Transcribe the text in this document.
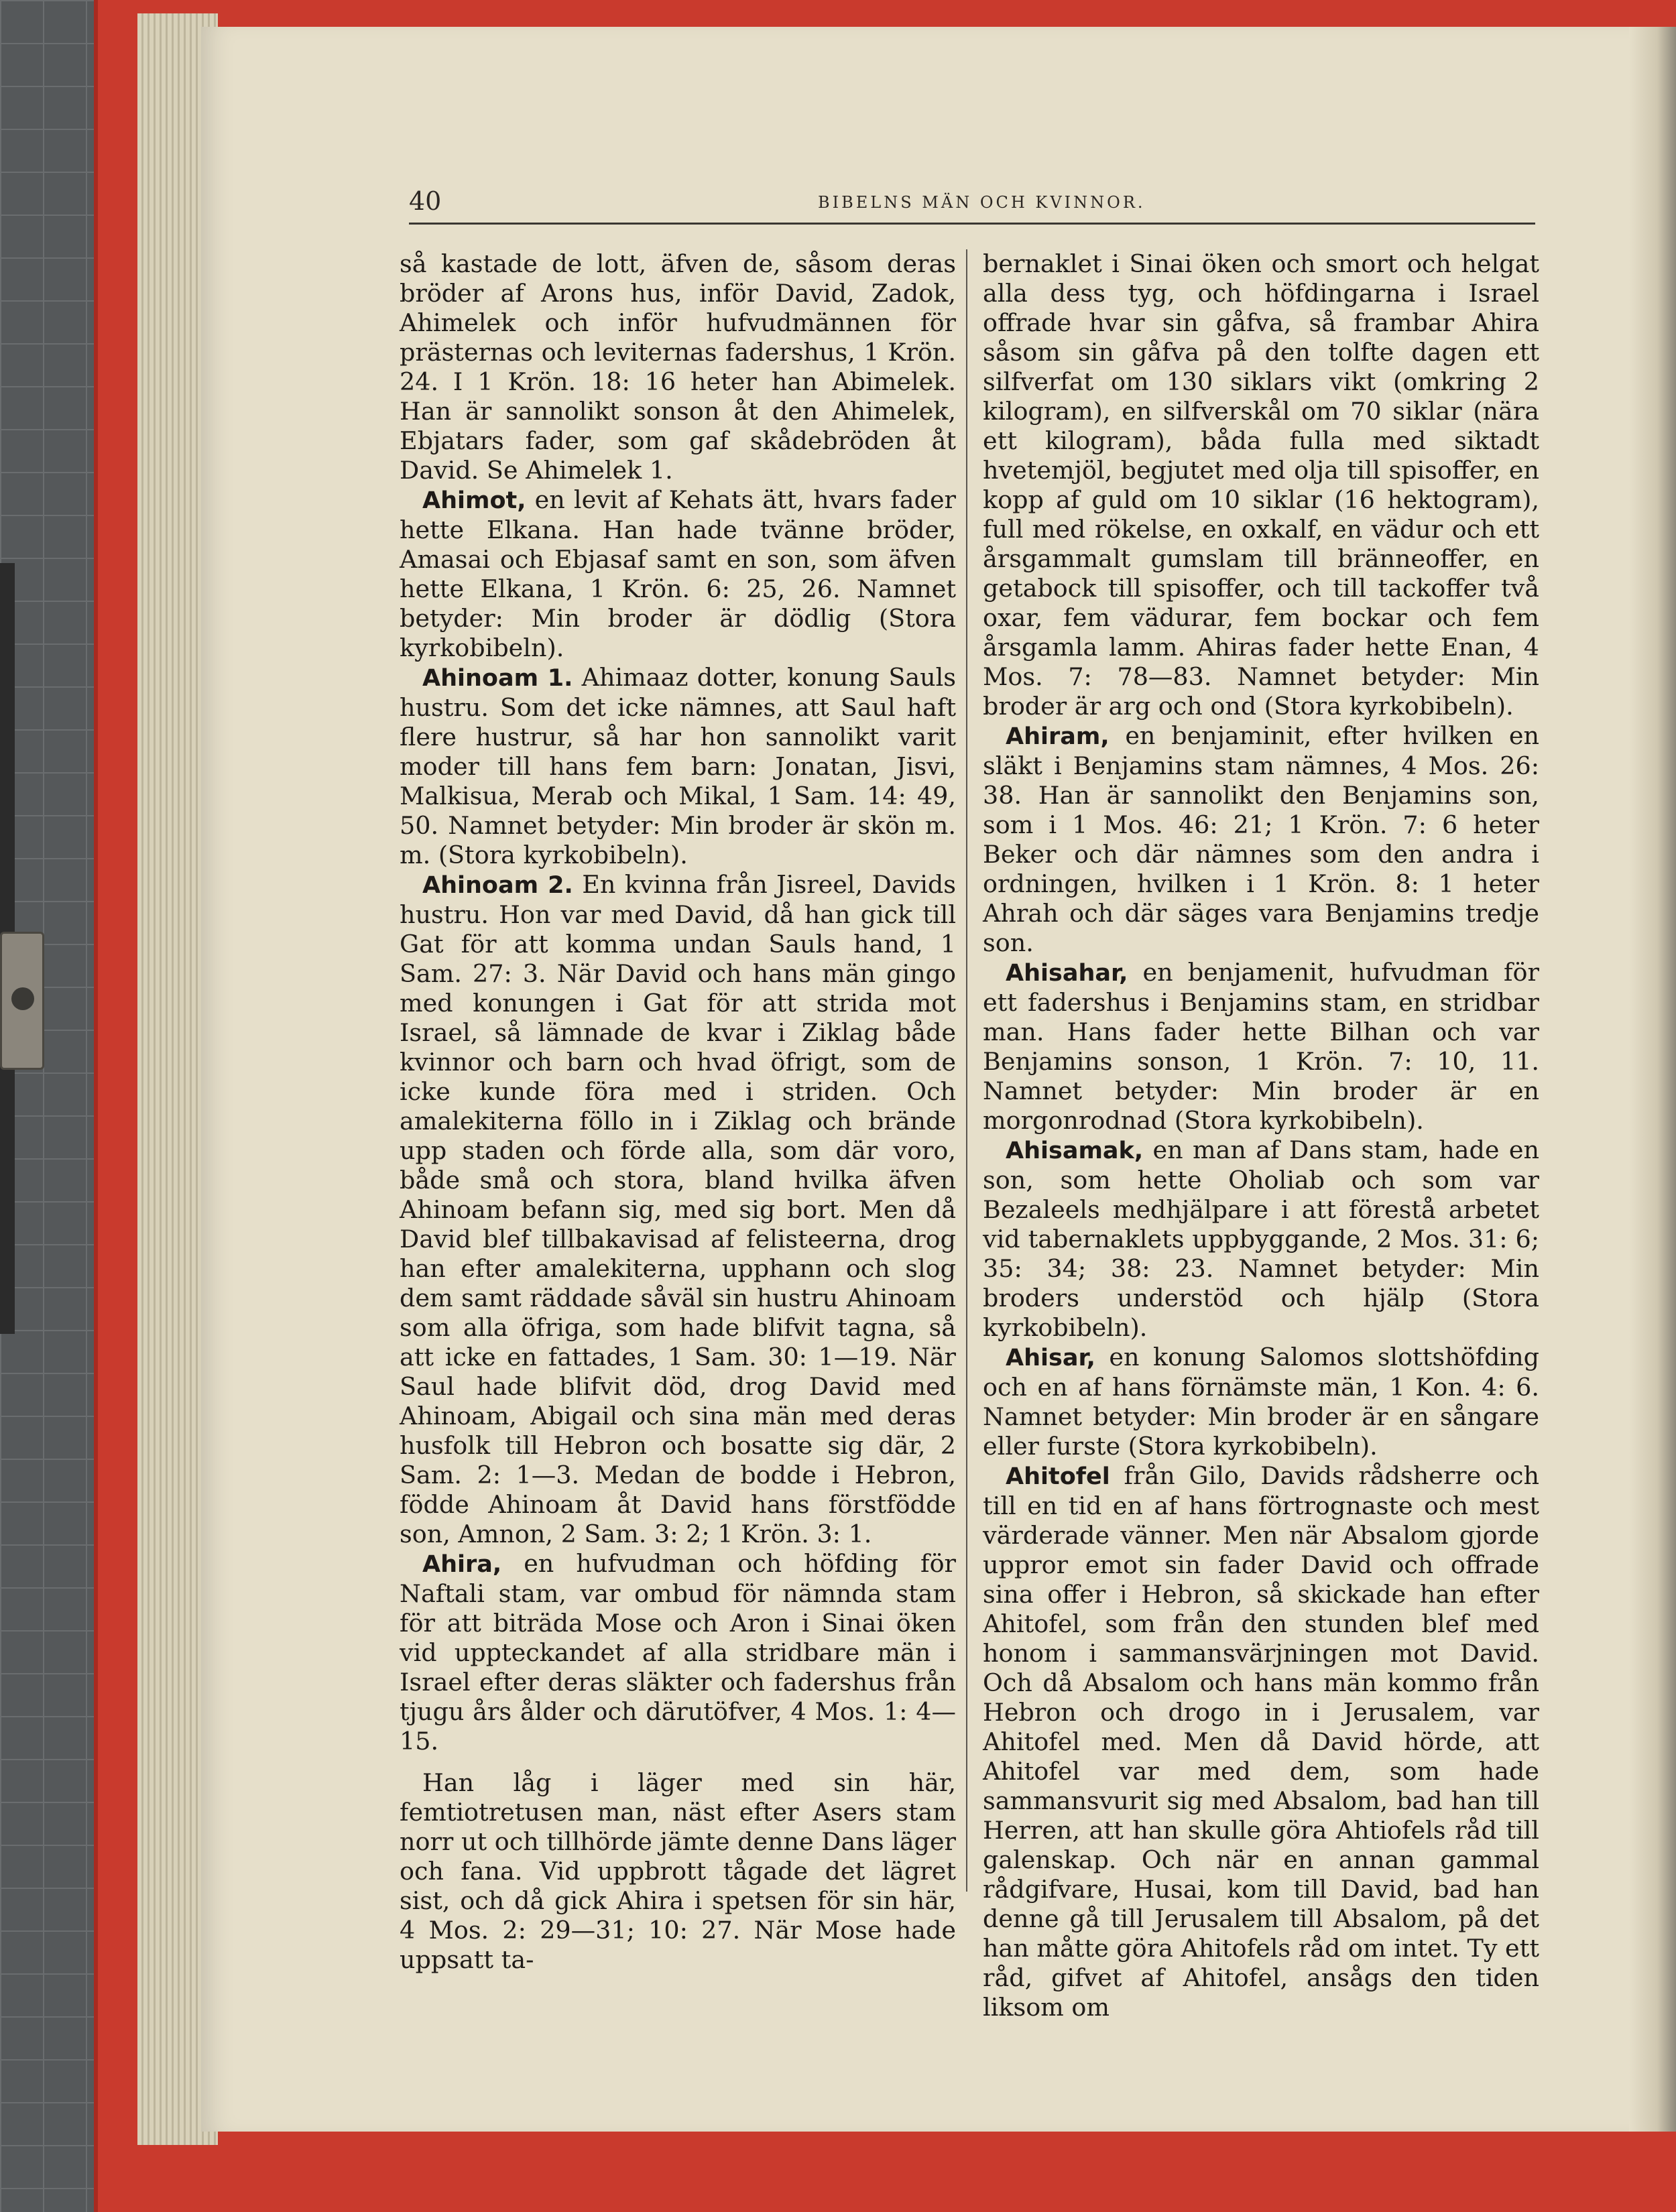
40	BIBELNS MÄN OCH KVINNOR.

så kastade de lott, äfven de, såsom deras bröder af Arons hus, inför David, Zadok, Ahimelek och inför hufvudmännen för prästernas och leviternas fadershus, 1 Krön. 24. I 1 Krön. 18: 16 heter han Abimelek. Han är sannolikt sonson åt den Ahimelek, Ebjatars fader, som gaf skådebröden åt David. Se Ahimelek 1.

Ahimot, en levit af Kehats ätt, hvars fader hette Elkana. Han hade tvänne bröder, Amasai och Ebjasaf samt en son, som äfven hette Elkana, 1 Krön. 6: 25, 26. Namnet betyder: Min broder är dödlig (Stora kyrkobibeln).

Ahinoam 1. Ahimaaz dotter, konung Sauls hustru. Som det icke nämnes, att Saul haft flere hustrur, så har hon sannolikt varit moder till hans fem barn: Jonatan, Jisvi, Malkisua, Merab och Mikal, 1 Sam. 14: 49, 50. Namnet betyder: Min broder är skön m. m. (Stora kyrkobibeln).

Ahinoam 2. En kvinna från Jisreel, Davids hustru. Hon var med David, då han gick till Gat för att komma undan Sauls hand, 1 Sam. 27: 3. När David och hans män gingo med konungen i Gat för att strida mot Israel, så lämnade de kvar i Ziklag både kvinnor och barn och hvad öfrigt, som de icke kunde föra med i striden. Och amalekiterna föllo in i Ziklag och brände upp staden och förde alla, som där voro, både små och stora, bland hvilka äfven Ahinoam befann sig, med sig bort. Men då David blef tillbakavisad af felisteerna, drog han efter amalekiterna, upphann och slog dem samt räddade såväl sin hustru Ahinoam som alla öfriga, som hade blifvit tagna, så att icke en fattades, 1 Sam. 30: 1—19. När Saul hade blifvit död, drog David med Ahinoam, Abigail och sina män med deras husfolk till Hebron och bosatte sig där, 2 Sam. 2: 1—3. Medan de bodde i Hebron, födde Ahinoam åt David hans förstfödde son, Amnon, 2 Sam. 3: 2; 1 Krön. 3: 1.

Ahira, en hufvudman och höfding för Naftali stam, var ombud för nämnda stam för att biträda Mose och Aron i Sinai öken vid uppteckandet af alla stridbare män i Israel efter deras släkter och fadershus från tjugu års ålder och därutöfver, 4 Mos. 1: 4—15.

Han låg i läger med sin här, femtiotretusen man, näst efter Asers stam norr ut och tillhörde jämte denne Dans läger och fana. Vid uppbrott tågade det lägret sist, och då gick Ahira i spetsen för sin här, 4 Mos. 2: 29—31; 10: 27. När Mose hade uppsatt ta-

bernaklet i Sinai öken och smort och helgat alla dess tyg, och höfdingarna i Israel offrade hvar sin gåfva, så frambar Ahira såsom sin gåfva på den tolfte dagen ett silfverfat om 130 siklars vikt (omkring 2 kilogram), en silfverskål om 70 siklar (nära ett kilogram), båda fulla med siktadt hvetemjöl, begjutet med olja till spisoffer, en kopp af guld om 10 siklar (16 hektogram), full med rökelse, en oxkalf, en vädur och ett årsgammalt gumslam till bränneoffer, en getabock till spisoffer, och till tackoffer två oxar, fem vädurar, fem bockar och fem årsgamla lamm. Ahiras fader hette Enan, 4 Mos. 7: 78—83. Namnet betyder: Min broder är arg och ond (Stora kyrkobibeln).

Ahiram, en benjaminit, efter hvilken en släkt i Benjamins stam nämnes, 4 Mos. 26: 38. Han är sannolikt den Benjamins son, som i 1 Mos. 46: 21; 1 Krön. 7: 6 heter Beker och där nämnes som den andra i ordningen, hvilken i 1 Krön. 8: 1 heter Ahrah och där säges vara Benjamins tredje son.

Ahisahar, en benjamenit, hufvudman för ett fadershus i Benjamins stam, en stridbar man. Hans fader hette Bilhan och var Benjamins sonson, 1 Krön. 7: 10, 11. Namnet betyder: Min broder är en morgonrodnad (Stora kyrkobibeln).

Ahisamak, en man af Dans stam, hade en son, som hette Oholiab och som var Bezaleels medhjälpare i att förestå arbetet vid tabernaklets uppbyggande, 2 Mos. 31: 6; 35: 34; 38: 23. Namnet betyder: Min broders understöd och hjälp (Stora kyrkobibeln).

Ahisar, en konung Salomos slottshöfding och en af hans förnämste män, 1 Kon. 4: 6. Namnet betyder: Min broder är en sångare eller furste (Stora kyrkobibeln).

Ahitofel från Gilo, Davids rådsherre och till en tid en af hans förtrognaste och mest värderade vänner. Men när Absalom gjorde uppror emot sin fader David och offrade sina offer i Hebron, så skickade han efter Ahitofel, som från den stunden blef med honom i sammansvärjningen mot David. Och då Absalom och hans män kommo från Hebron och drogo in i Jerusalem, var Ahitofel med. Men då David hörde, att Ahitofel var med dem, som hade sammansvurit sig med Absalom, bad han till Herren, att han skulle göra Ahtiofels råd till galenskap. Och när en annan gammal rådgifvare, Husai, kom till David, bad han denne gå till Jerusalem till Absalom, på det han måtte göra Ahitofels råd om intet. Ty ett råd, gifvet af Ahitofel, ansågs den tiden liksom om
